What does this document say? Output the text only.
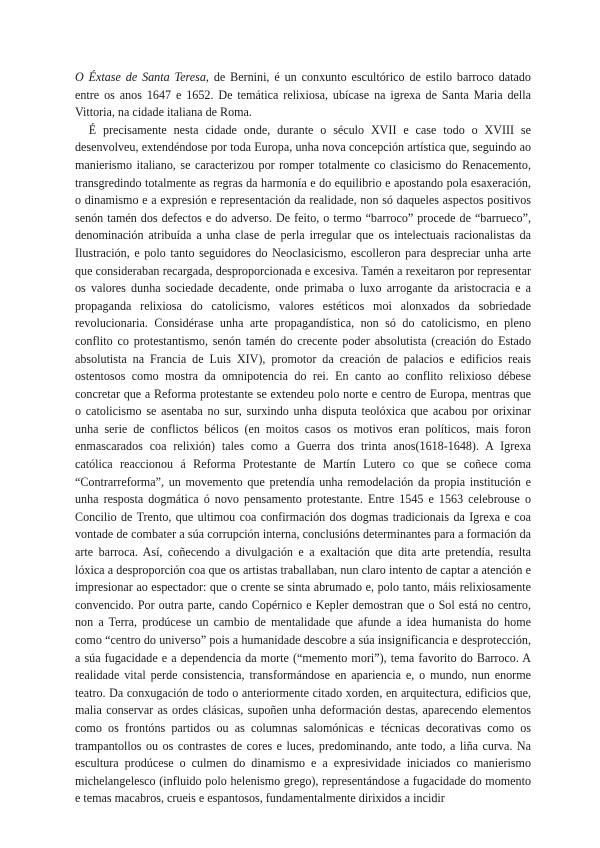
O Éxtase de Santa Teresa, de Bernini, é un conxunto escultórico de estilo barroco datado
entre os anos 1647 e 1652. De temática relixiosa, ubícase na igrexa de Santa Maria della
Vittoria, na cidade italiana de Roma.
É precisamente nesta cidade onde, durante o século XVII e case todo o XVIII se
desenvolveu, extendéndose por toda Europa, unha nova concepción artística que, seguindo ao
manierismo italiano, se caracterizou por romper totalmente co clasicismo do Renacemento,
transgredindo totalmente as regras da harmonía e do equilibrio e apostando pola esaxeración,
o dinamismo e a expresión e representación da realidade, non só daqueles aspectos positivos
senón tamén dos defectos e do adverso. De feito, o termo “barroco” procede de “barrueco”,
denominación atribuída a unha clase de perla irregular que os intelectuais racionalistas da
Ilustración, e polo tanto seguidores do Neoclasicismo, escolleron para despreciar unha arte
que consideraban recargada, desproporcionada e excesiva. Tamén a rexeitaron por representar
os valores dunha sociedade decadente, onde primaba o luxo arrogante da aristocracia e a
propaganda relixiosa do catolicismo, valores estéticos moi alonxados da sobriedade
revolucionaria. Considérase unha arte propagandística, non só do catolicismo, en pleno
conflito co protestantismo, senón tamén do crecente poder absolutista (creación do Estado
absolutista na Francia de Luis XIV), promotor da creación de palacios e edificios reais
ostentosos como mostra da omnipotencia do rei. En canto ao conflito relixioso débese
concretar que a Reforma protestante se extendeu polo norte e centro de Europa, mentras que
o catolicismo se asentaba no sur, surxindo unha disputa teolóxica que acabou por orixinar
unha serie de conflictos bélicos (en moitos casos os motivos eran políticos, mais foron
enmascarados coa relixión) tales como a Guerra dos trinta anos(1618-1648). A Igrexa
católica reaccionou á Reforma Protestante de Martín Lutero co que se coñece coma
“Contrarreforma”, un movemento que pretendía unha remodelación da propia institución e
unha resposta dogmática ó novo pensamento protestante. Entre 1545 e 1563 celebrouse o
Concilio de Trento, que ultimou coa confirmación dos dogmas tradicionais da Igrexa e coa
vontade de combater a súa corrupción interna, conclusións determinantes para a formación da
arte barroca. Así, coñecendo a divulgación e a exaltación que dita arte pretendía, resulta
lóxica a desproporción coa que os artistas traballaban, nun claro intento de captar a atención e
impresionar ao espectador: que o crente se sinta abrumado e, polo tanto, máis relixiosamente
convencido. Por outra parte, cando Copérnico e Kepler demostran que o Sol está no centro,
non a Terra, prodúcese un cambio de mentalidade que afunde a idea humanista do home
como “centro do universo” pois a humanidade descobre a súa insignificancia e desprotección,
a súa fugacidade e a dependencia da morte (“memento mori”), tema favorito do Barroco. A
realidade vital perde consistencia, transformándose en apariencia e, o mundo, nun enorme
teatro. Da conxugación de todo o anteriormente citado xorden, en arquitectura, edificios que,
malia conservar as ordes clásicas, supoñen unha deformación destas, aparecendo elementos
como os frontóns partidos ou as columnas salomónicas e técnicas decorativas como os
trampantollos ou os contrastes de cores e luces, predominando, ante todo, a liña curva. Na
escultura prodúcese o culmen do dinamismo e a expresividade iniciados co manierismo
michelangelesco (influido polo helenismo grego), representándose a fugacidade do momento
e temas macabros, crueis e espantosos, fundamentalmente dirixidos a incidir
